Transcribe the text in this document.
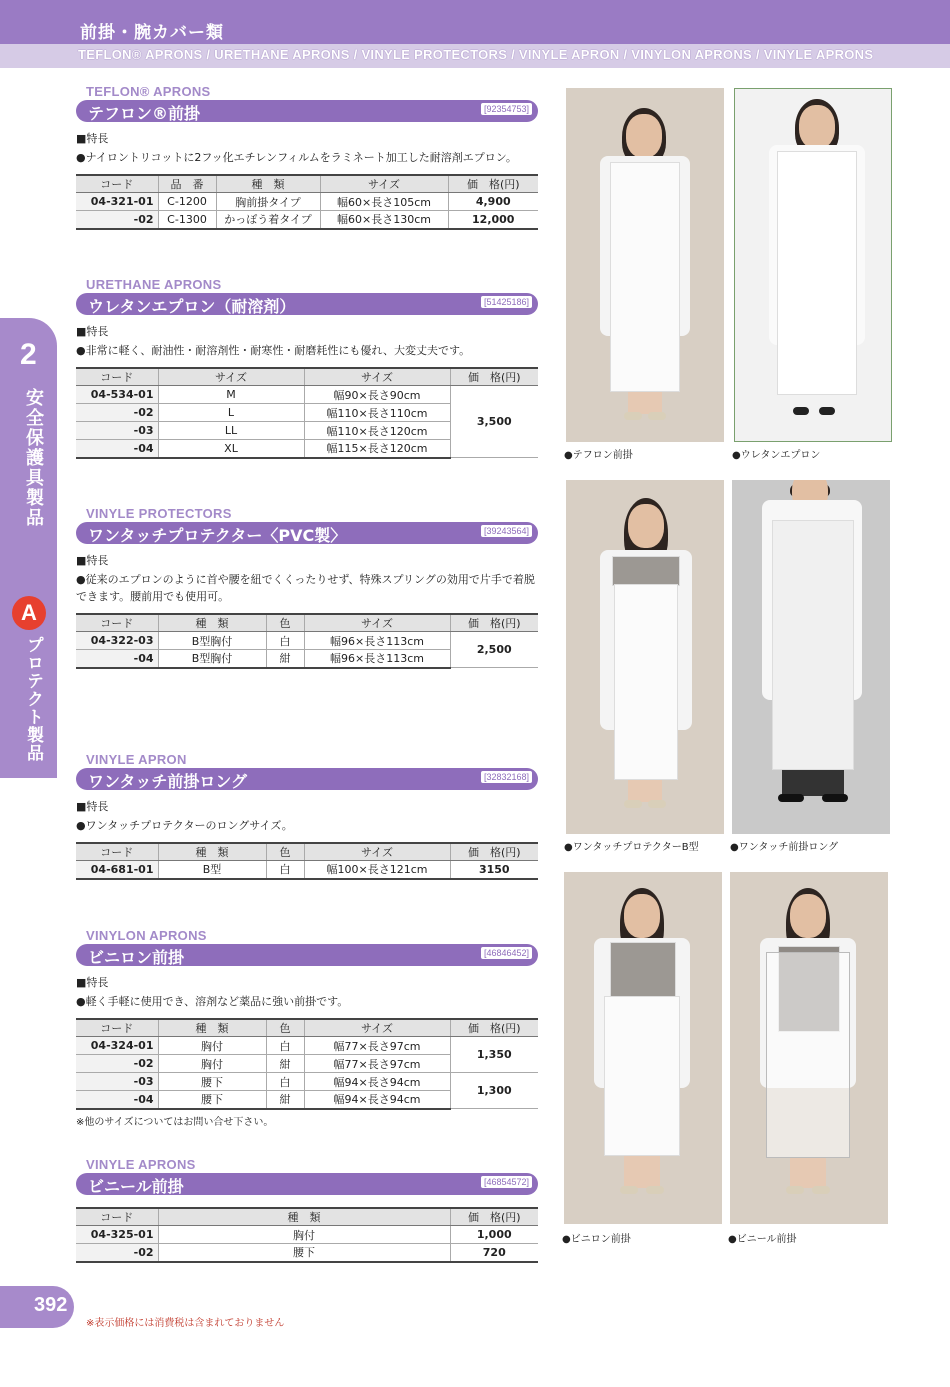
前掛・腕カバー類
TEFLON® APRONS / URETHANE APRONS / VINYLE PROTECTORS / VINYLE APRON / VINYLON APRONS / VINYLE APRONS
2
安全保護具製品
A
プロテクト製品
TEFLON® APRONS
テフロン®前掛	[92354753]
■特長
●ナイロントリコットに2フッ化エチレンフィルムをラミネート加工した耐溶剤エプロン。
コード	品　番	種　類	サイズ	価　格(円)
04-321-01	C-1200	胸前掛タイプ	幅60×長さ105cm	4,900
-02	C-1300	かっぽう着タイプ	幅60×長さ130cm	12,000
URETHANE APRONS
ウレタンエプロン（耐溶剤）	[51425186]
■特長
●非常に軽く、耐油性・耐溶剤性・耐寒性・耐磨耗性にも優れ、大変丈夫です。
コード	サイズ	サイズ	価　格(円)
04-534-01	M	幅90×長さ90cm	3,500
-02	L	幅110×長さ110cm	
-03	LL	幅110×長さ120cm	
-04	XL	幅115×長さ120cm	
VINYLE PROTECTORS
ワンタッチプロテクター〈PVC製〉	[39243564]
■特長
●従来のエプロンのように首や腰を紐でくくったりせず、特殊スプリングの効用で片手で着脱できます。腰前用でも使用可。
コード	種　類	色	サイズ	価　格(円)
04-322-03	B型胸付	白	幅96×長さ113cm	2,500
-04	B型胸付	紺	幅96×長さ113cm	
VINYLE APRON
ワンタッチ前掛ロング	[32832168]
■特長
●ワンタッチプロテクターのロングサイズ。
コード	種　類	色	サイズ	価　格(円)
04-681-01	B型	白	幅100×長さ121cm	3150
VINYLON APRONS
ビニロン前掛	[46846452]
■特長
●軽く手軽に使用でき、溶剤など薬品に強い前掛です。
コード	種　類	色	サイズ	価　格(円)
04-324-01	胸付	白	幅77×長さ97cm	1,350
-02	胸付	紺	幅77×長さ97cm	
-03	腰下	白	幅94×長さ94cm	1,300
-04	腰下	紺	幅94×長さ94cm	
※他のサイズについてはお問い合せ下さい。
VINYLE APRONS
ビニール前掛	[46854572]
コード	種　類	価　格(円)
04-325-01	胸付	1,000
-02	腰下	720
●テフロン前掛	●ウレタンエプロン
●ワンタッチプロテクターB型	●ワンタッチ前掛ロング
●ビニロン前掛	●ビニール前掛
392
※表示価格には消費税は含まれておりません
